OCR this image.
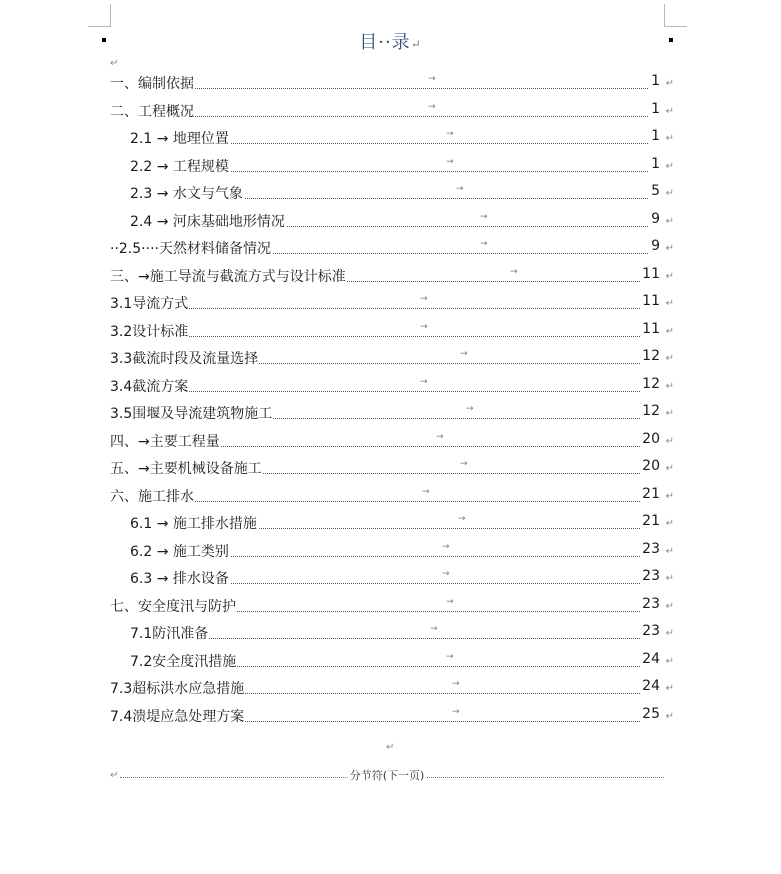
目··录↵
↵
一、编制依据	→	1 ↵
二、工程概况	→	1 ↵
2.1 → 地理位置	→	1 ↵
2.2 → 工程规模	→	1 ↵
2.3 → 水文与气象	→	5 ↵
2.4 → 河床基础地形情况	→	9 ↵
··2.5····天然材料储备情况	→	9 ↵
三、→施工导流与截流方式与设计标准	→	11 ↵
3.1导流方式	→	11 ↵
3.2设计标准	→	11 ↵
3.3截流时段及流量选择	→	12 ↵
3.4截流方案	→	12 ↵
3.5围堰及导流建筑物施工	→	12 ↵
四、→主要工程量	→	20 ↵
五、→主要机械设备施工	→	20 ↵
六、施工排水	→	21 ↵
6.1 → 施工排水措施	→	21 ↵
6.2 → 施工类别	→	23 ↵
6.3 → 排水设备	→	23 ↵
七、安全度汛与防护	→	23 ↵
7.1防汛准备	→	23 ↵
7.2安全度汛措施	→	24 ↵
7.3超标洪水应急措施	→	24 ↵
7.4溃堤应急处理方案	→	25 ↵
↵
↵	分节符(下一页)
